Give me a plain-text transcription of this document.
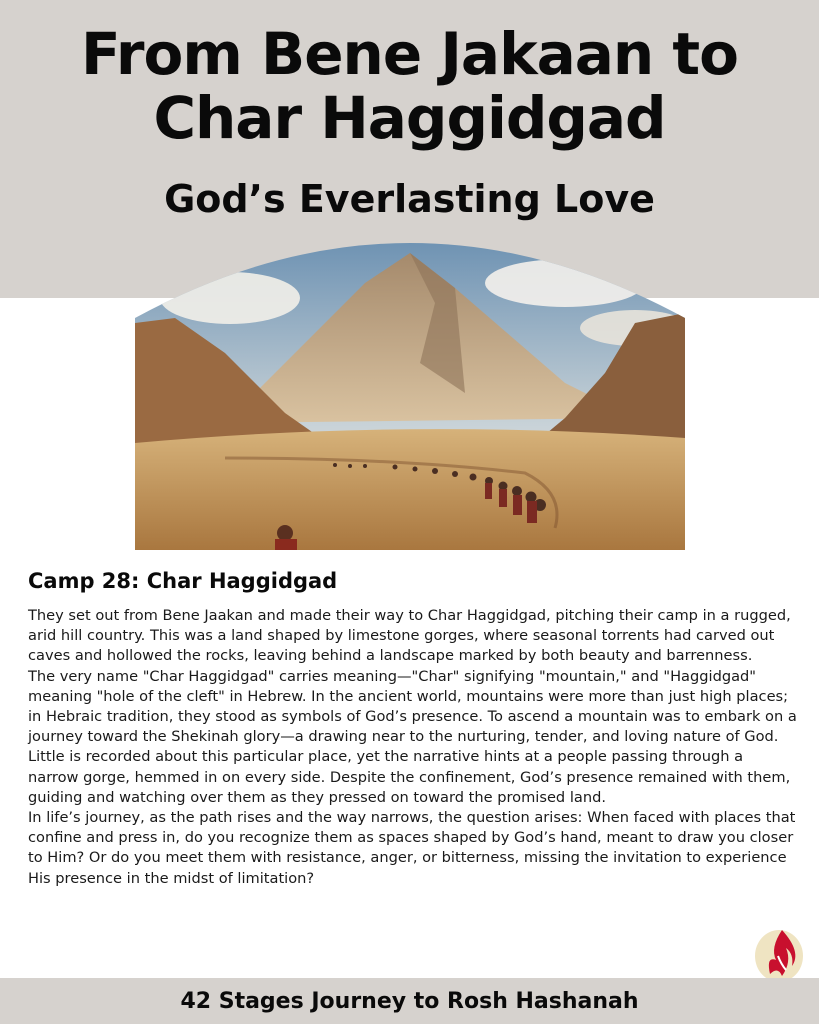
From Bene Jakaan to
Char Haggidgad
God’s Everlasting Love
Camp 28: Char Haggidgad

They set out from Bene Jaakan and made their way to Char Haggidgad, pitching their camp in a rugged, arid hill country. This was a land shaped by limestone gorges, where seasonal torrents had carved out caves and hollowed the rocks, leaving behind a landscape marked by both beauty and barrenness.

The very name "Char Haggidgad" carries meaning—"Char" signifying "mountain," and "Haggidgad" meaning "hole of the cleft" in Hebrew. In the ancient world, mountains were more than just high places; in Hebraic tradition, they stood as symbols of God’s presence. To ascend a mountain was to embark on a journey toward the Shekinah glory—a drawing near to the nurturing, tender, and loving nature of God.

Little is recorded about this particular place, yet the narrative hints at a people passing through a narrow gorge, hemmed in on every side. Despite the confinement, God’s presence remained with them, guiding and watching over them as they pressed on toward the promised land.

In life’s journey, as the path rises and the way narrows, the question arises: When faced with places that confine and press in, do you recognize them as spaces shaped by God’s hand, meant to draw you closer to Him? Or do you meet them with resistance, anger, or bitterness, missing the invitation to experience His presence in the midst of limitation?

42 Stages Journey to Rosh Hashanah
